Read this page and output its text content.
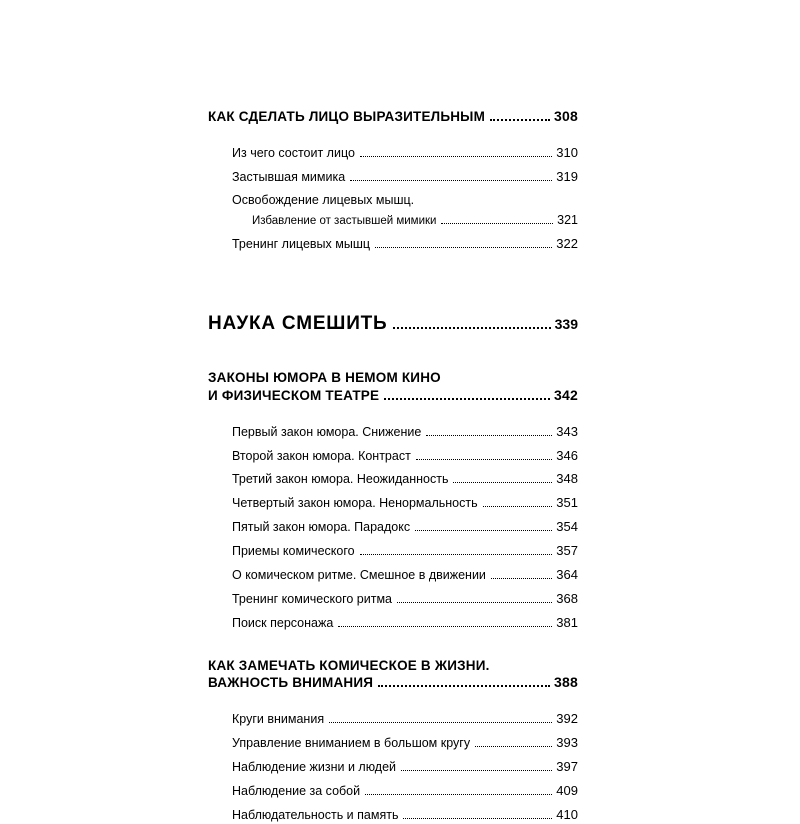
КАК СДЕЛАТЬ ЛИЦО ВЫРАЗИТЕЛЬНЫМ	308
Из чего состоит лицо	310
Застывшая мимика	319
Освобождение лицевых мышц.
Избавление от застывшей мимики	321
Тренинг лицевых мышц	322
НАУКА СМЕШИТЬ	339
ЗАКОНЫ ЮМОРА В НЕМОМ КИНО
И ФИЗИЧЕСКОМ ТЕАТРЕ	342
Первый закон юмора. Снижение	343
Второй закон юмора. Контраст	346
Третий закон юмора. Неожиданность	348
Четвертый закон юмора. Ненормальность	351
Пятый закон юмора. Парадокс	354
Приемы комического	357
О комическом ритме. Смешное в движении	364
Тренинг комического ритма	368
Поиск персонажа	381
КАК ЗАМЕЧАТЬ КОМИЧЕСКОЕ В ЖИЗНИ.
ВАЖНОСТЬ ВНИМАНИЯ	388
Круги внимания	392
Управление вниманием в большом кругу	393
Наблюдение жизни и людей	397
Наблюдение за собой	409
Наблюдательность и память	410
